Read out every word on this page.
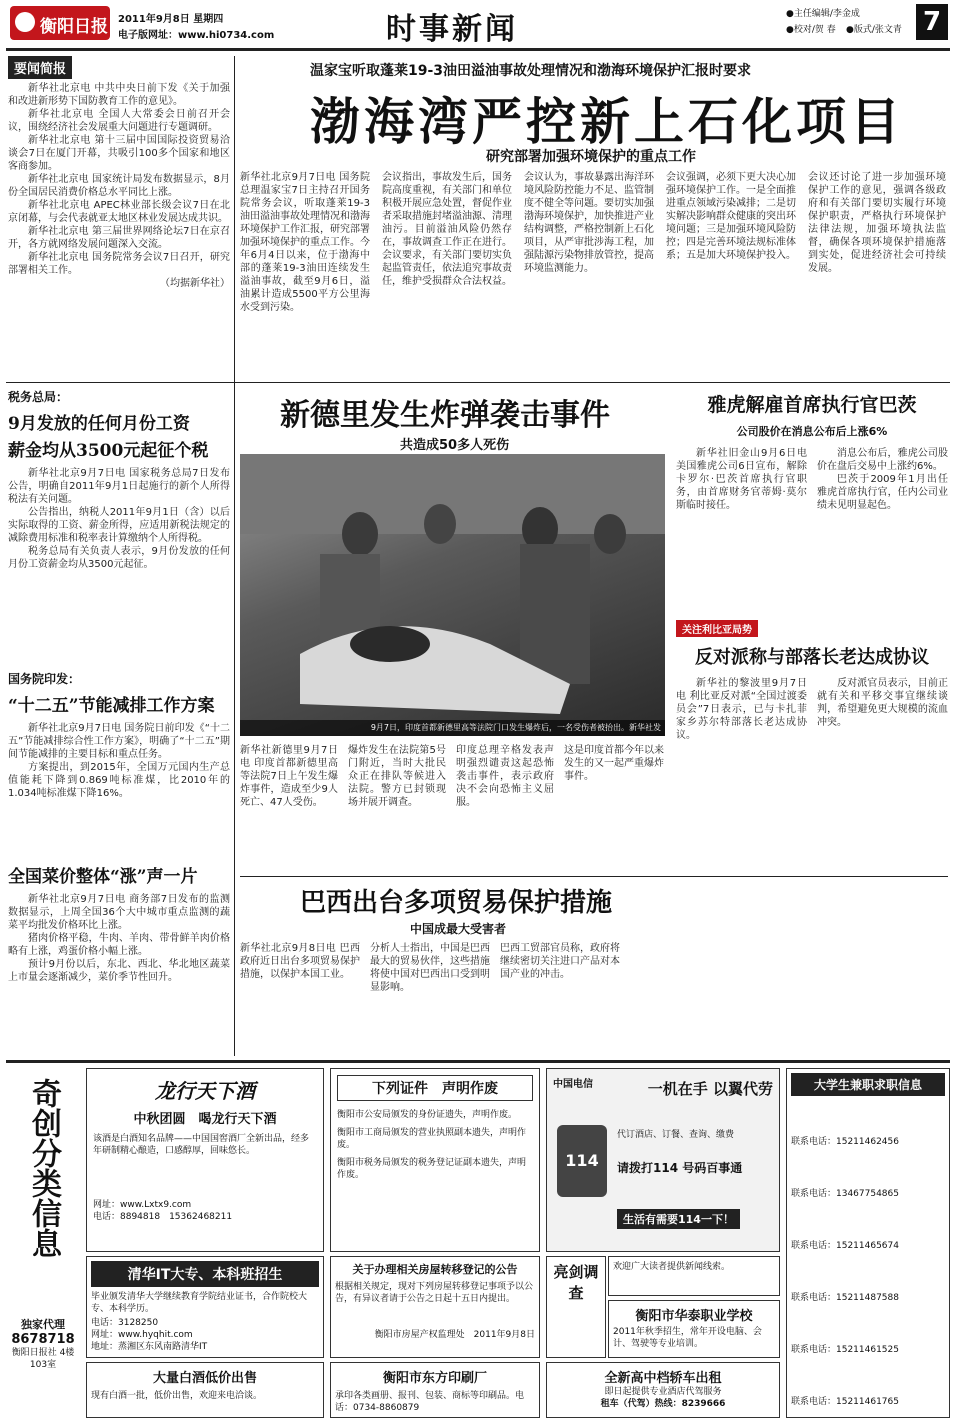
衡阳日报 2011年9月8日 星期四
电子版网址：www.hi0734.com	时事新闻	●主任编辑/李金成
●校对/贺 春 ●版式/张文青 7
要闻简报

新华社北京电 中共中央日前下发《关于加强和改进新形势下国防教育工作的意见》。

新华社北京电 全国人大常委会日前召开会议，围绕经济社会发展重大问题进行专题调研。

新华社北京电 第十三届中国国际投资贸易洽谈会7日在厦门开幕，共吸引100多个国家和地区客商参加。

新华社北京电 国家统计局发布数据显示，8月份全国居民消费价格总水平同比上涨。

新华社北京电 APEC林业部长级会议7日在北京闭幕，与会代表就亚太地区林业发展达成共识。

新华社北京电 第三届世界网络论坛7日在京召开，各方就网络发展问题深入交流。

新华社北京电 国务院常务会议7日召开，研究部署相关工作。

（均据新华社）
温家宝听取蓬莱19-3油田溢油事故处理情况和渤海环境保护汇报时要求
渤海湾严控新上石化项目
研究部署加强环境保护的重点工作
新华社北京9月7日电 国务院总理温家宝7日主持召开国务院常务会议，听取蓬莱19-3油田溢油事故处理情况和渤海环境保护工作汇报，研究部署加强环境保护的重点工作。今年6月4日以来，位于渤海中部的蓬莱19-3油田连续发生溢油事故，截至9月6日，溢油累计造成5500平方公里海水受到污染。
会议指出，事故发生后，国务院高度重视，有关部门和单位积极开展应急处置，督促作业者采取措施封堵溢油源、清理油污。目前溢油风险仍然存在，事故调查工作正在进行。会议要求，有关部门要切实负起监管责任，依法追究事故责任，维护受损群众合法权益。
会议认为，事故暴露出海洋环境风险防控能力不足、监管制度不健全等问题。要切实加强渤海环境保护，加快推进产业结构调整，严格控制新上石化项目，从严审批涉海工程，加强陆源污染物排放管控，提高环境监测能力。
会议强调，必须下更大决心加强环境保护工作。一是全面推进重点领域污染减排；二是切实解决影响群众健康的突出环境问题；三是加强环境风险防控；四是完善环境法规标准体系；五是加大环境保护投入。
会议还讨论了进一步加强环境保护工作的意见，强调各级政府和有关部门要切实履行环境保护职责，严格执行环境保护法律法规，加强环境执法监督，确保各项环境保护措施落到实处，促进经济社会可持续发展。
税务总局：
9月发放的任何月份工资
薪金均从3500元起征个税

新华社北京9月7日电 国家税务总局7日发布公告，明确自2011年9月1日起施行的新个人所得税法有关问题。

公告指出，纳税人2011年9月1日（含）以后实际取得的工资、薪金所得，应适用新税法规定的减除费用标准和税率表计算缴纳个人所得税。

税务总局有关负责人表示，9月份发放的任何月份工资薪金均从3500元起征。

国务院印发：
“十二五”节能减排工作方案

新华社北京9月7日电 国务院日前印发《“十二五”节能减排综合性工作方案》，明确了“十二五”期间节能减排的主要目标和重点任务。

方案提出，到2015年，全国万元国内生产总值能耗下降到0.869吨标准煤，比2010年的1.034吨标准煤下降16%。

全国菜价整体“涨”声一片

新华社北京9月7日电 商务部7日发布的监测数据显示，上周全国36个大中城市重点监测的蔬菜平均批发价格环比上涨。

猪肉价格平稳，牛肉、羊肉、带骨鲜羊肉价格略有上涨，鸡蛋价格小幅上涨。

预计9月份以后，东北、西北、华北地区蔬菜上市量会逐渐减少，菜价季节性回升。

新德里发生炸弹袭击事件
共造成50多人死伤
9月7日，印度首都新德里高等法院门口发生爆炸后，一名受伤者被抬出。新华社发
新华社新德里9月7日电 印度首都新德里高等法院7日上午发生爆炸事件，造成至少9人死亡、47人受伤。
爆炸发生在法院第5号门附近，当时大批民众正在排队等候进入法院。警方已封锁现场并展开调查。
印度总理辛格发表声明强烈谴责这起恐怖袭击事件，表示政府决不会向恐怖主义屈服。
这是印度首都今年以来发生的又一起严重爆炸事件。
雅虎解雇首席执行官巴茨
公司股价在消息公布后上涨6%

新华社旧金山9月6日电 美国雅虎公司6日宣布，解除卡罗尔·巴茨首席执行官职务，由首席财务官蒂姆·莫尔斯临时接任。

消息公布后，雅虎公司股价在盘后交易中上涨约6%。

巴茨于2009年1月出任雅虎首席执行官，任内公司业绩未见明显起色。

关注利比亚局势
反对派称与部落长老达成协议

新华社的黎波里9月7日电 利比亚反对派“全国过渡委员会”7日表示，已与卡扎菲家乡苏尔特部落长老达成协议。

反对派官员表示，目前正就有关和平移交事宜继续谈判，希望避免更大规模的流血冲突。

巴西出台多项贸易保护措施
中国成最大受害者
新华社北京9月8日电 巴西政府近日出台多项贸易保护措施，以保护本国工业。
分析人士指出，中国是巴西最大的贸易伙伴，这些措施将使中国对巴西出口受到明显影响。
巴西工贸部官员称，政府将继续密切关注进口产品对本国产业的冲击。
奇创分类信息
独家代理
8678718
衡阳日报社 4楼103室
龙行天下酒
中秋团圆　喝龙行天下酒
该酒是白酒知名品牌——中国国窖酒厂全新出品，经多年研制精心酿造，口感醇厚，回味悠长。
网址：www.Lxtx9.com
电话：8894818　15362468211
下列证件　声明作废
衡阳市公安局颁发的身份证遗失，声明作废。
衡阳市工商局颁发的营业执照副本遗失，声明作废。
衡阳市税务局颁发的税务登记证副本遗失，声明作废。
中国电信	一机在手 以翼代劳
114
代订酒店、订餐、查询、缴费
请拨打114 号码百事通
生活有需要114一下！
大学生兼职求职信息
联系电话：15211462456
联系电话：13467754865
联系电话：15211465674
联系电话：15211487588
联系电话：15211461525
联系电话：15211461765
清华IT大专、本科班招生
毕业颁发清华大学继续教育学院结业证书，合作院校大专、本科学历。
电话：3128250
网址：www.hyqhit.com
地址：蒸湘区东风南路清华IT
关于办理相关房屋转移登记的公告
根据相关规定，现对下列房屋转移登记事项予以公告，有异议者请于公告之日起十五日内提出。
衡阳市房屋产权监理处　2011年9月8日
亮剑调查
欢迎广大读者提供新闻线索。
衡阳市华泰职业学校
2011年秋季招生，常年开设电脑、会计、驾驶等专业培训。
大量白酒低价出售
现有白酒一批，低价出售，欢迎来电洽谈。
衡阳市东方印刷厂
承印各类画册、报刊、包装、商标等印刷品。电话：0734-8860879
全新高中档轿车出租
即日起提供专业酒店代驾服务
租车（代驾）热线：8239666
